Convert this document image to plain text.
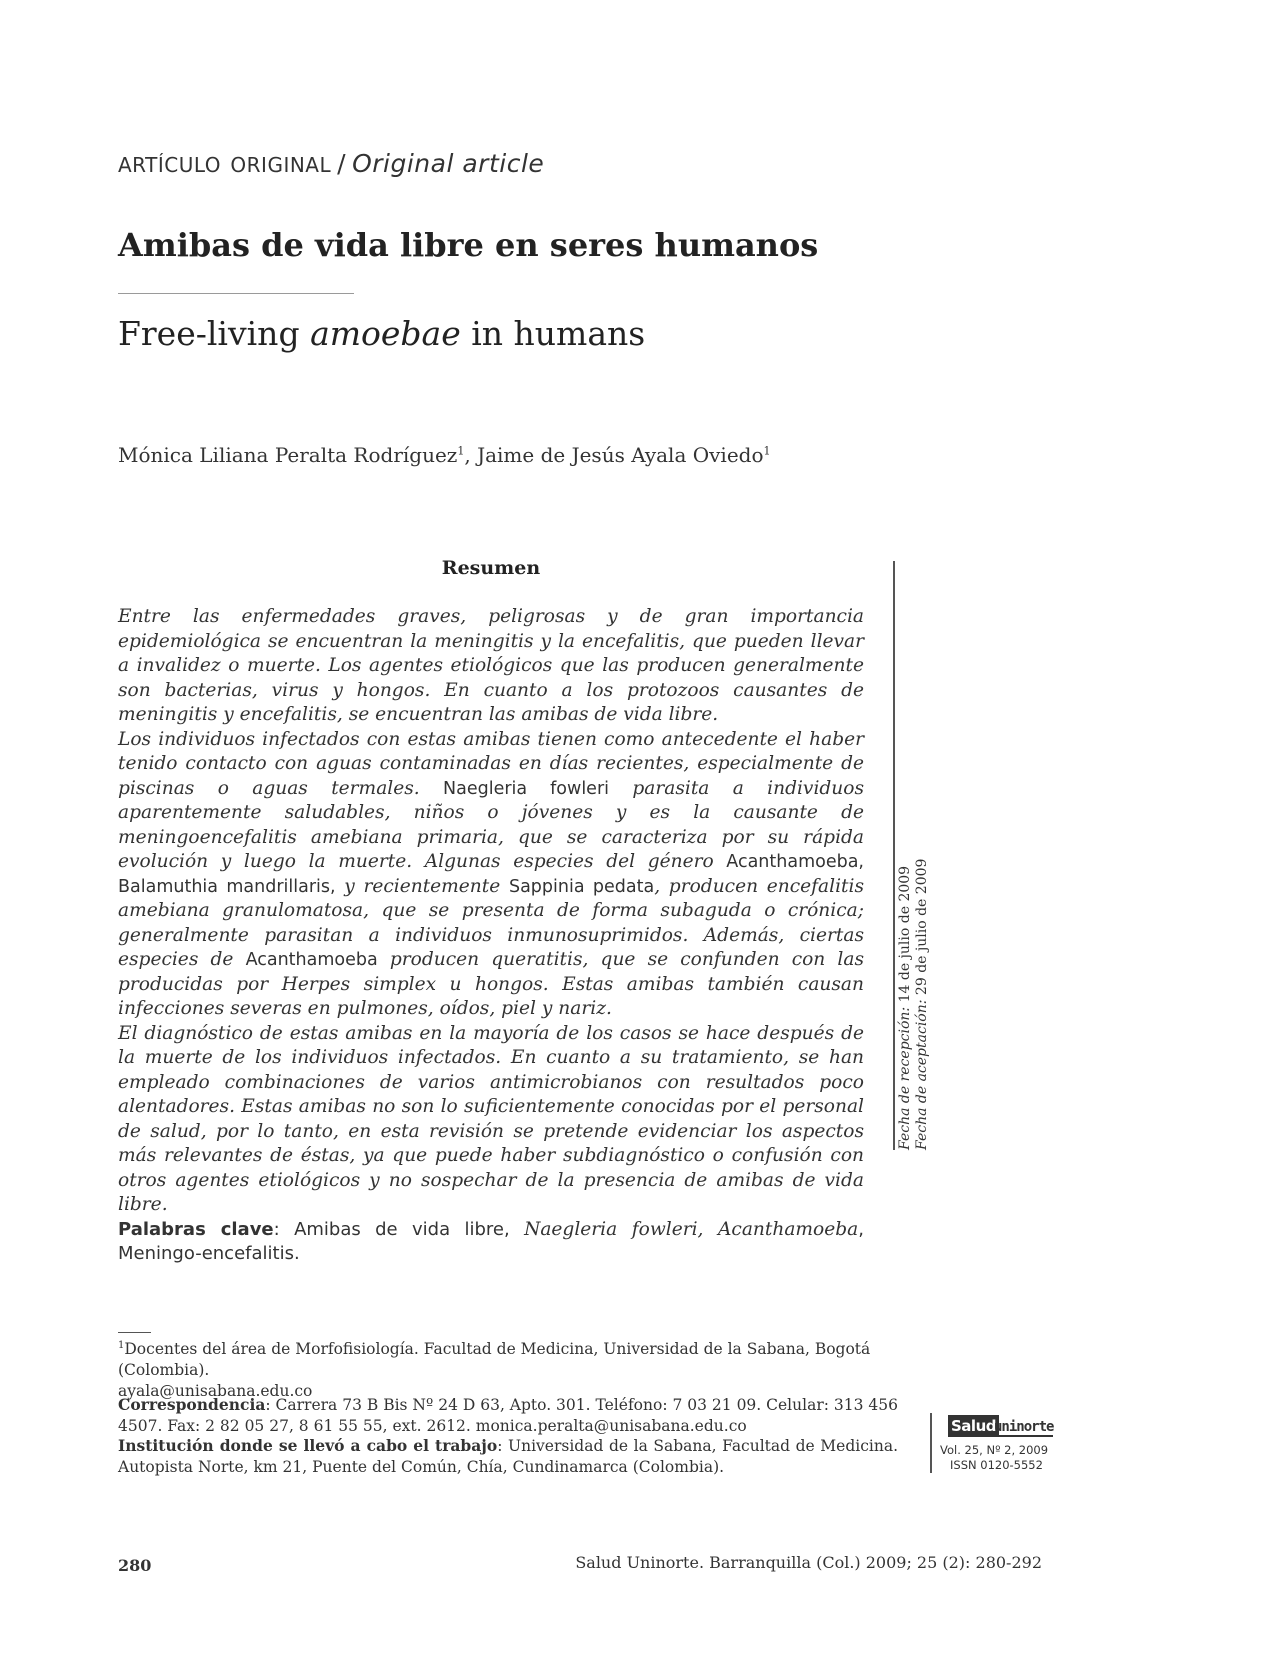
artículo original / Original article
Amibas de vida libre en seres humanos
Free-living amoebae in humans
Mónica Liliana Peralta Rodríguez$^1$, Jaime de Jesús Ayala Oviedo$^1$
Resumen

Entre las enfermedades graves, peligrosas y de gran importancia epidemiológica se encuentran la meningitis y la encefalitis, que pueden llevar a invalidez o muerte. Los agentes etiológicos que las producen generalmente son bacterias, virus y hongos. En cuanto a los protozoos causantes de meningitis y encefalitis, se encuentran las amibas de vida libre.

Los individuos infectados con estas amibas tienen como antecedente el haber tenido contacto con aguas contaminadas en días recientes, especialmente de piscinas o aguas termales. Naegleria fowleri parasita a individuos aparentemente saludables, niños o jóvenes y es la causante de meningoencefalitis amebiana primaria, que se caracteriza por su rápida evolución y luego la muerte. Algunas especies del género Acanthamoeba, Balamuthia mandrillaris, y recientemente Sappinia pedata, producen encefalitis amebiana granulomatosa, que se presenta de forma subaguda o crónica; generalmente parasitan a individuos inmunosuprimidos. Además, ciertas especies de Acanthamoeba producen queratitis, que se confunden con las producidas por Herpes simplex u hongos. Estas amibas también causan infecciones severas en pulmones, oídos, piel y nariz.

El diagnóstico de estas amibas en la mayoría de los casos se hace después de la muerte de los individuos infectados. En cuanto a su tratamiento, se han empleado combinaciones de varios antimicrobianos con resultados poco alentadores. Estas amibas no son lo suficientemente conocidas por el personal de salud, por lo tanto, en esta revisión se pretende evidenciar los aspectos más relevantes de éstas, ya que puede haber subdiagnóstico o confusión con otros agentes etiológicos y no sospechar de la presencia de amibas de vida libre.

Palabras clave: Amibas de vida libre, Naegleria fowleri, Acanthamoeba, Meningo-encefalitis.

Fecha de recepción: 14 de julio de 2009
Fecha de aceptación: 29 de julio de 2009
$^1$Docentes del área de Morfofisiología. Facultad de Medicina, Universidad de la Sabana, Bogotá (Colombia).
ayala@unisabana.edu.co

Correspondencia: Carrera 73 B Bis Nº 24 D 63, Apto. 301. Teléfono: 7 03 21 09. Celular: 313 456 4507. Fax: 2 82 05 27, 8 61 55 55, ext. 2612. monica.peralta@unisabana.edu.co

Institución donde se llevó a cabo el trabajo: Universidad de la Sabana, Facultad de Medicina. Autopista Norte, km 21, Puente del Común, Chía, Cundinamarca (Colombia).

Salud
uninorte
Vol. 25, Nº 2, 2009
ISSN 0120-5552
280	Salud Uninorte. Barranquilla (Col.) 2009; 25 (2): 280-292
